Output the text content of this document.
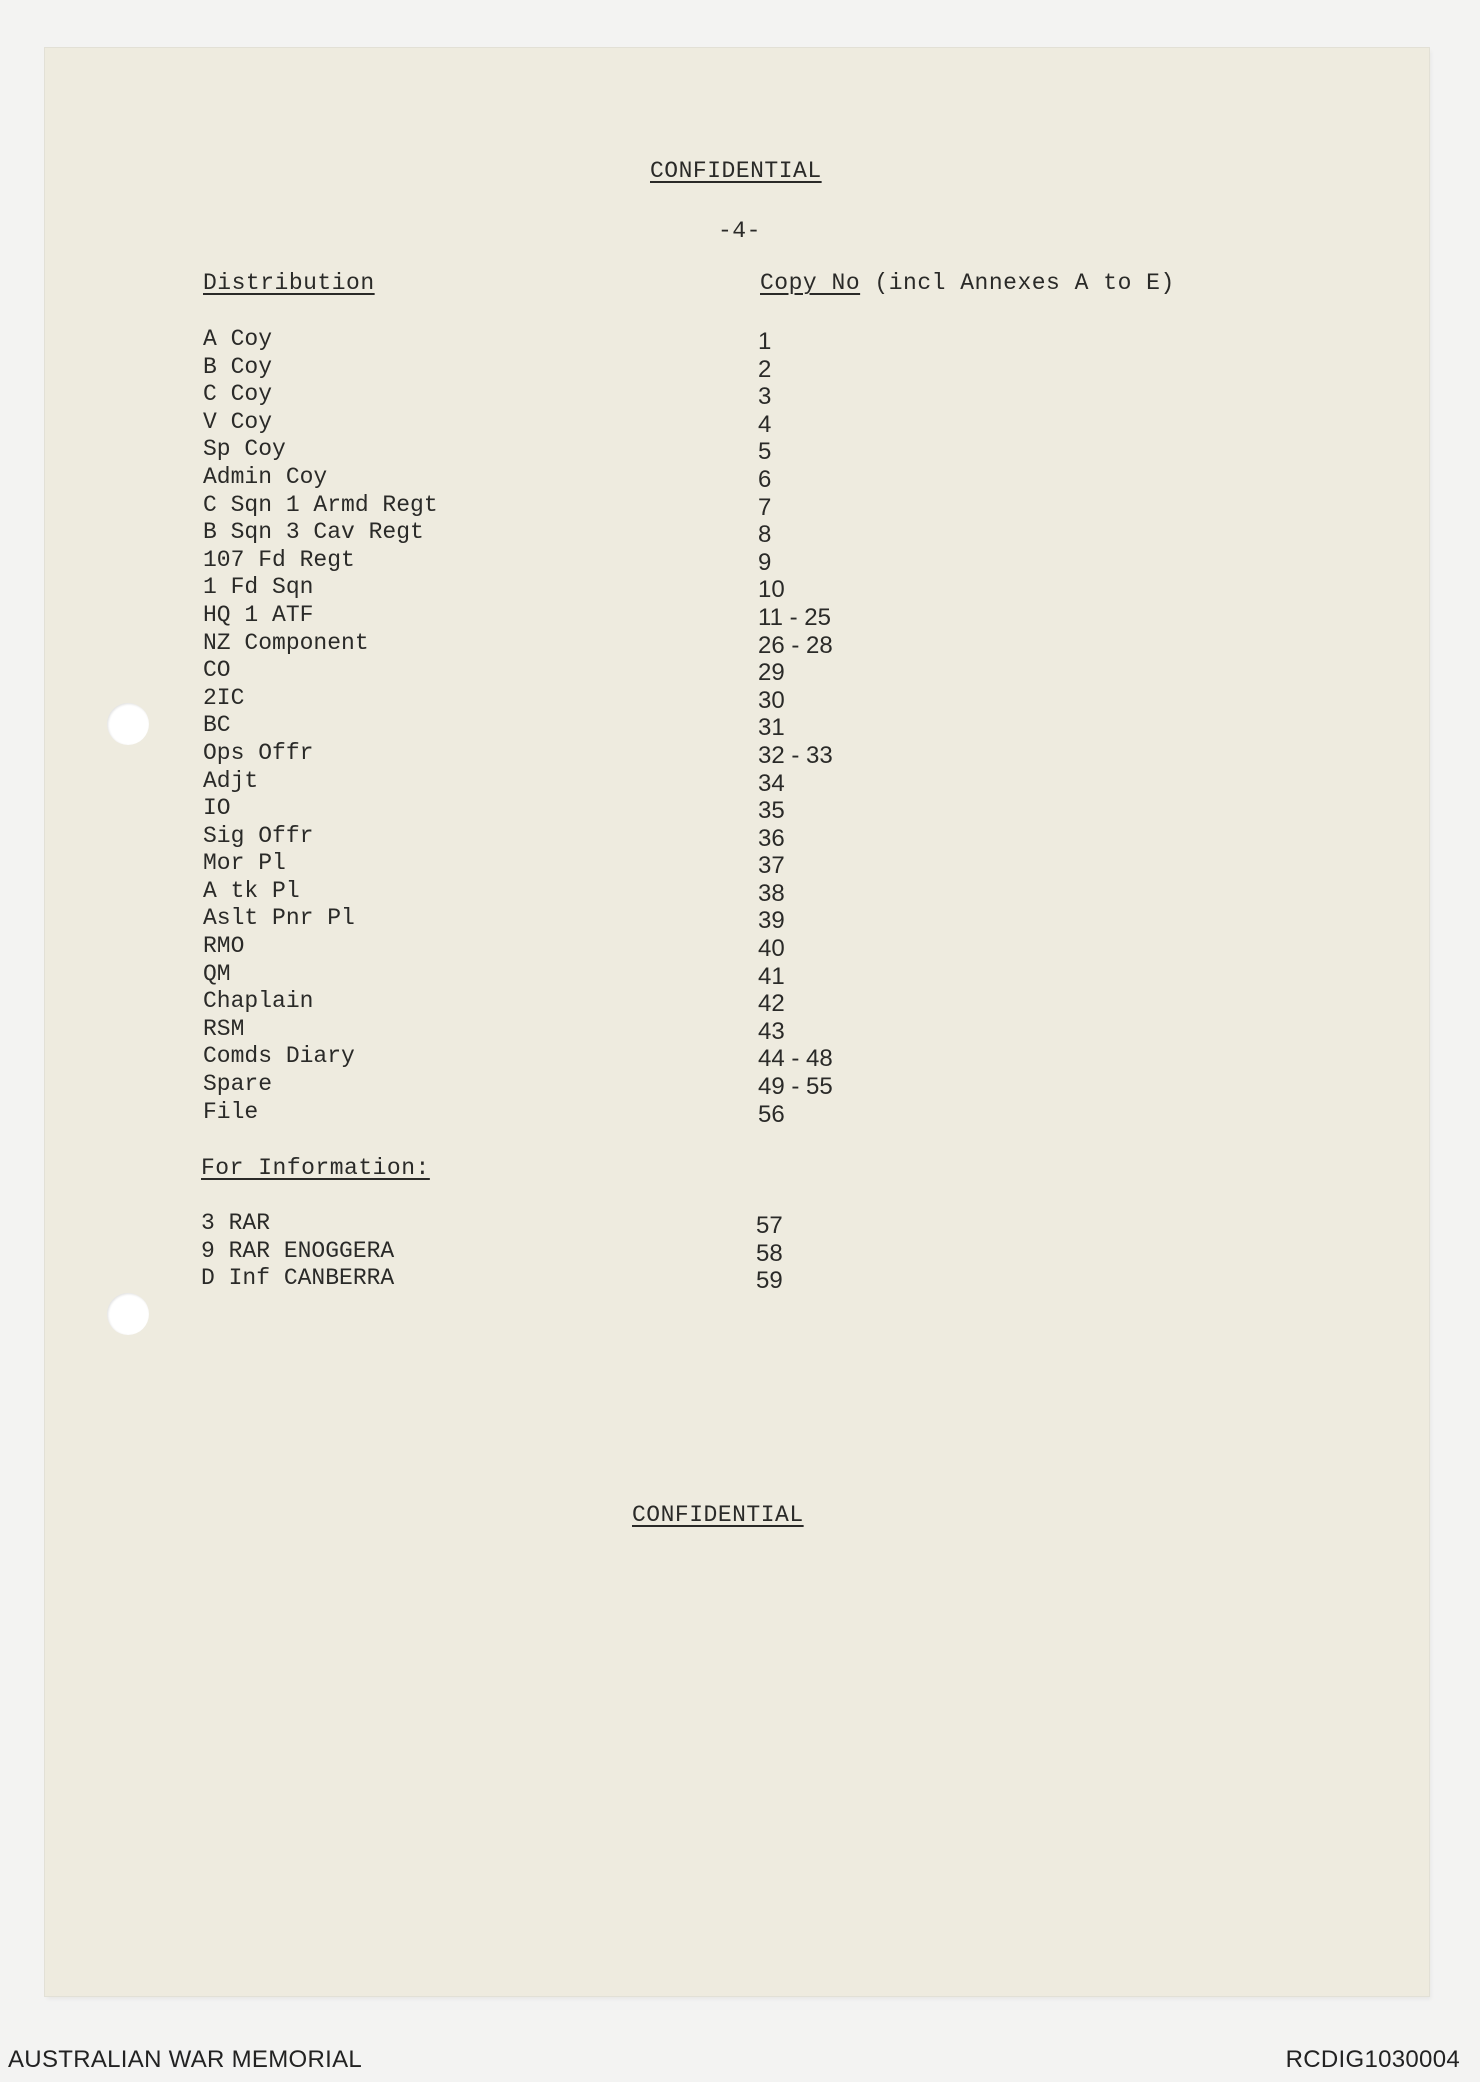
CONFIDENTIAL
-4-
Distribution	Copy No (incl Annexes A to E)
A Coy	1
B Coy	2
C Coy	3
V Coy	4
Sp Coy	5
Admin Coy	6
C Sqn 1 Armd Regt	7
B Sqn 3 Cav Regt	8
107 Fd Regt	9
1 Fd Sqn	10
HQ 1 ATF	11 - 25
NZ Component	26 - 28
CO	29
2IC	30
BC	31
Ops Offr	32 - 33
Adjt	34
IO	35
Sig Offr	36
Mor Pl	37
A tk Pl	38
Aslt Pnr Pl	39
RMO	40
QM	41
Chaplain	42
RSM	43
Comds Diary	44 - 48
Spare	49 - 55
File	56
For Information:
3 RAR	57
9 RAR ENOGGERA	58
D Inf CANBERRA	59
CONFIDENTIAL
AUSTRALIAN WAR MEMORIAL	RCDIG1030004
